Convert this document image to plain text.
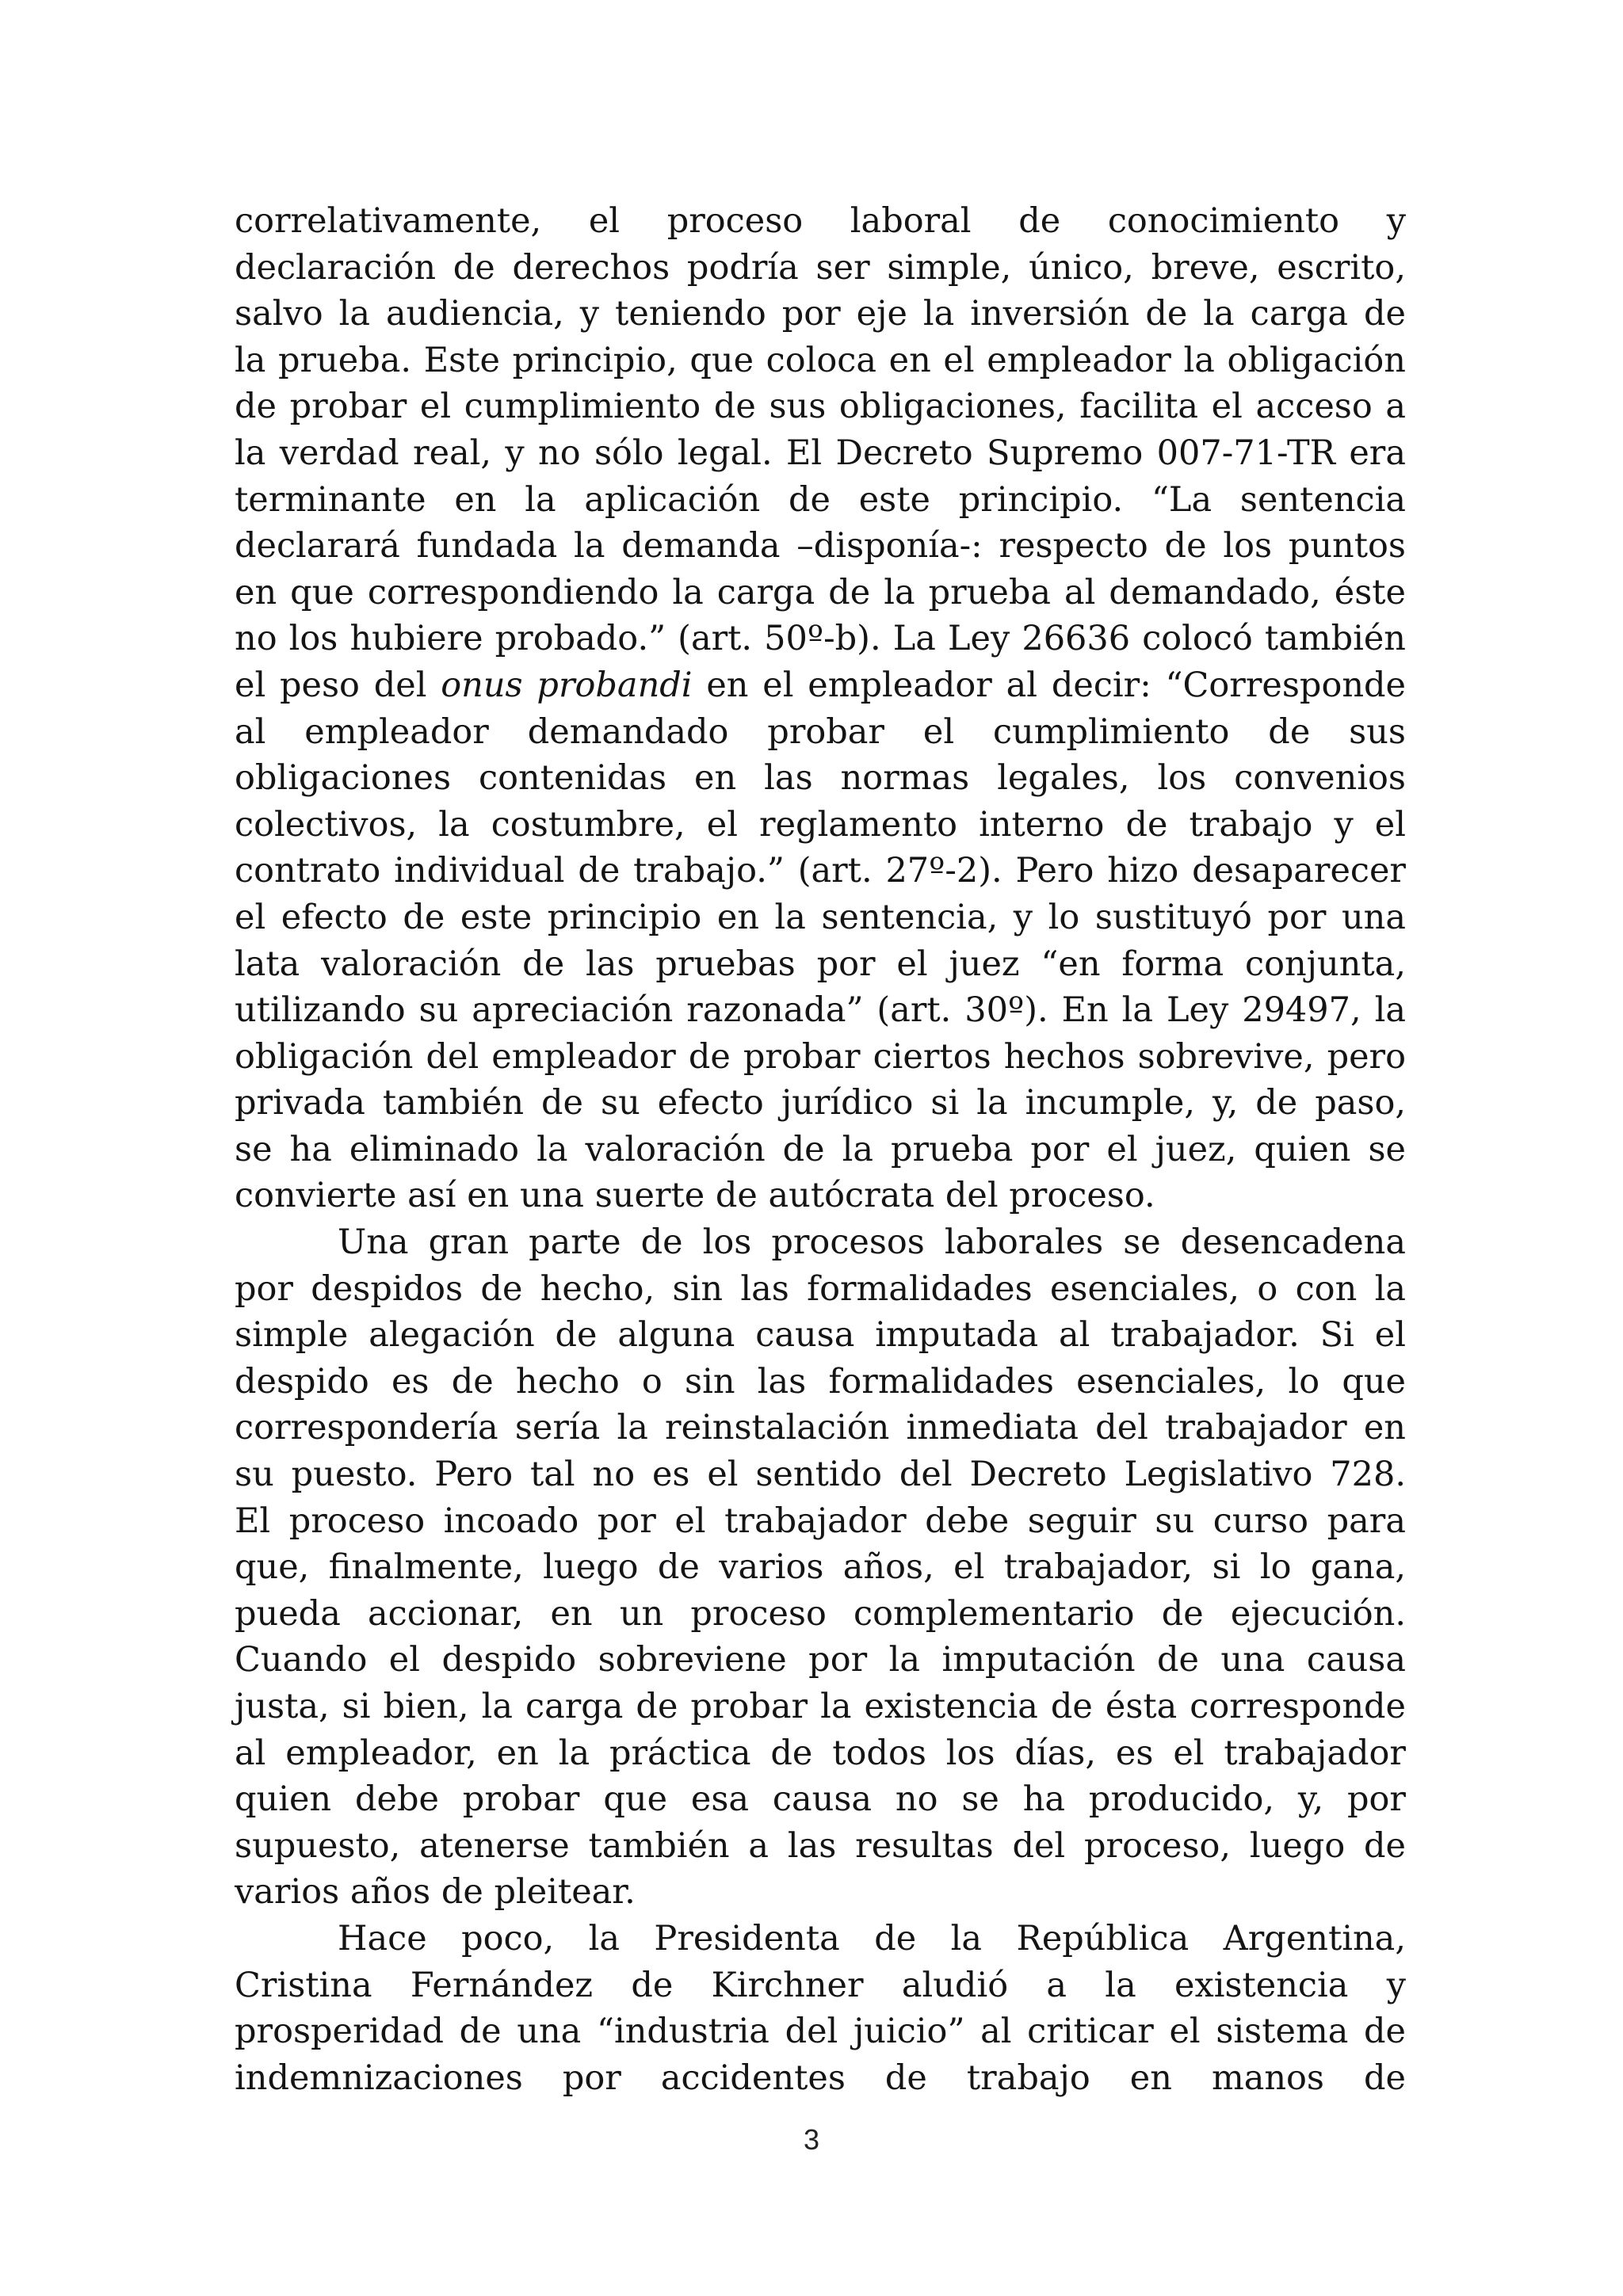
correlativamente, el proceso laboral de conocimiento y
declaración de derechos podría ser simple, único, breve, escrito,
salvo la audiencia, y teniendo por eje la inversión de la carga de
la prueba. Este principio, que coloca en el empleador la obligación
de probar el cumplimiento de sus obligaciones, facilita el acceso a
la verdad real, y no sólo legal. El Decreto Supremo 007-71-TR era
terminante en la aplicación de este principio. “La sentencia
declarará fundada la demanda –disponía-: respecto de los puntos
en que correspondiendo la carga de la prueba al demandado, éste
no los hubiere probado.” (art. 50º-b). La Ley 26636 colocó también
el peso del onus probandi en el empleador al decir: “Corresponde
al empleador demandado probar el cumplimiento de sus
obligaciones contenidas en las normas legales, los convenios
colectivos, la costumbre, el reglamento interno de trabajo y el
contrato individual de trabajo.” (art. 27º-2). Pero hizo desaparecer
el efecto de este principio en la sentencia, y lo sustituyó por una
lata valoración de las pruebas por el juez “en forma conjunta,
utilizando su apreciación razonada” (art. 30º). En la Ley 29497, la
obligación del empleador de probar ciertos hechos sobrevive, pero
privada también de su efecto jurídico si la incumple, y, de paso,
se ha eliminado la valoración de la prueba por el juez, quien se
convierte así en una suerte de autócrata del proceso.
Una gran parte de los procesos laborales se desencadena
por despidos de hecho, sin las formalidades esenciales, o con la
simple alegación de alguna causa imputada al trabajador. Si el
despido es de hecho o sin las formalidades esenciales, lo que
correspondería sería la reinstalación inmediata del trabajador en
su puesto. Pero tal no es el sentido del Decreto Legislativo 728.
El proceso incoado por el trabajador debe seguir su curso para
que, finalmente, luego de varios años, el trabajador, si lo gana,
pueda accionar, en un proceso complementario de ejecución.
Cuando el despido sobreviene por la imputación de una causa
justa, si bien, la carga de probar la existencia de ésta corresponde
al empleador, en la práctica de todos los días, es el trabajador
quien debe probar que esa causa no se ha producido, y, por
supuesto, atenerse también a las resultas del proceso, luego de
varios años de pleitear.
Hace poco, la Presidenta de la República Argentina,
Cristina Fernández de Kirchner aludió a la existencia y
prosperidad de una “industria del juicio” al criticar el sistema de
indemnizaciones por accidentes de trabajo en manos de
3
